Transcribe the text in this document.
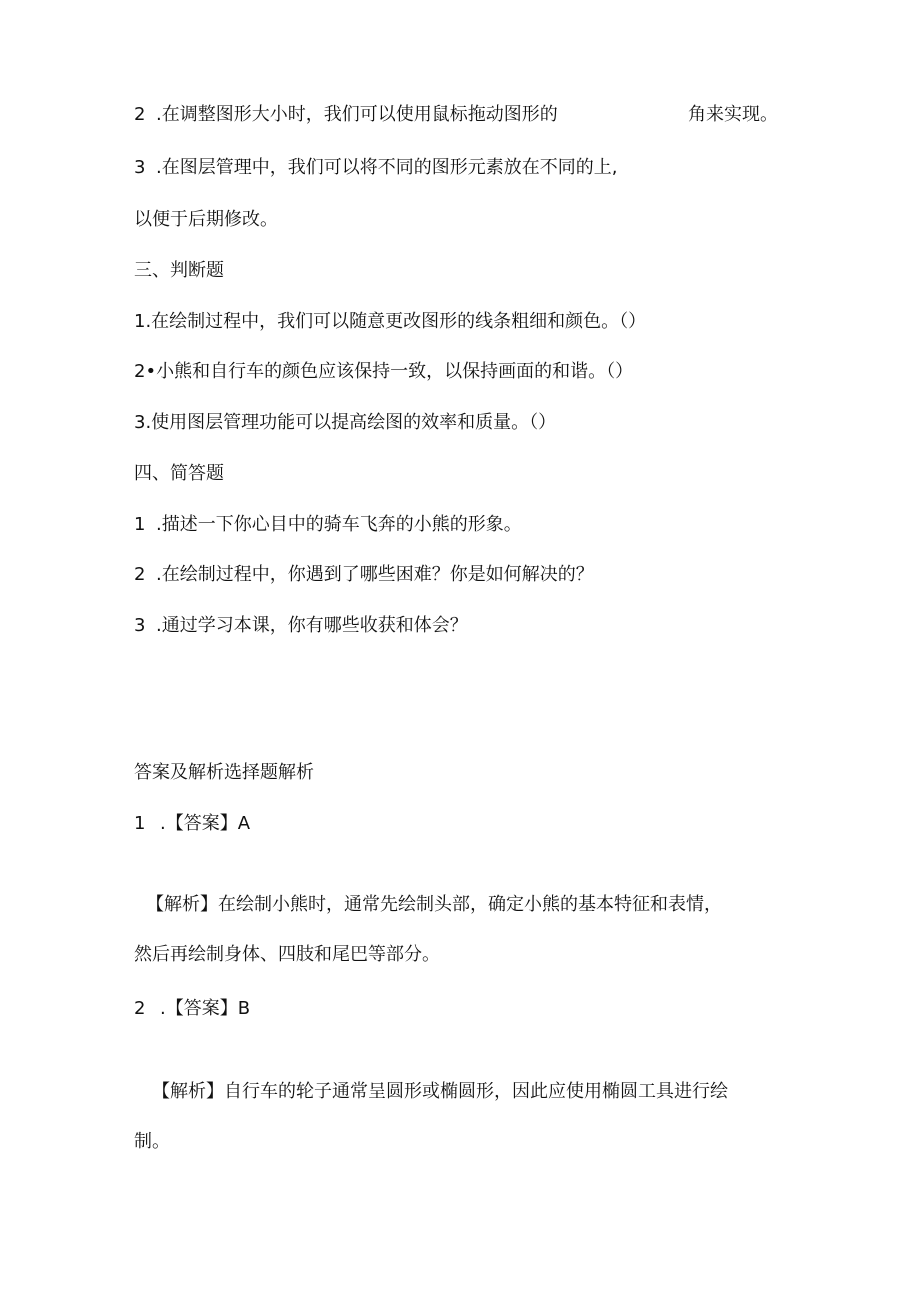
2 .在调整图形大小时，我们可以使用鼠标拖动图形的	角来实现。
3 .在图层管理中，我们可以将不同的图形元素放在不同的上,
以便于后期修改。
三、判断题
1.在绘制过程中，我们可以随意更改图形的线条粗细和颜色。（）
2•小熊和自行车的颜色应该保持一致，以保持画面的和谐。（）
3.使用图层管理功能可以提高绘图的效率和质量。（）
四、简答题
1 .描述一下你心目中的骑车飞奔的小熊的形象。
2 .在绘制过程中，你遇到了哪些困难？你是如何解决的？
3 .通过学习本课，你有哪些收获和体会？
答案及解析选择题解析
1 .【答案】A
【解析】在绘制小熊时，通常先绘制头部，确定小熊的基本特征和表情，
然后再绘制身体、四肢和尾巴等部分。
2 .【答案】B
【解析】自行车的轮子通常呈圆形或椭圆形，因此应使用椭圆工具进行绘
制。
